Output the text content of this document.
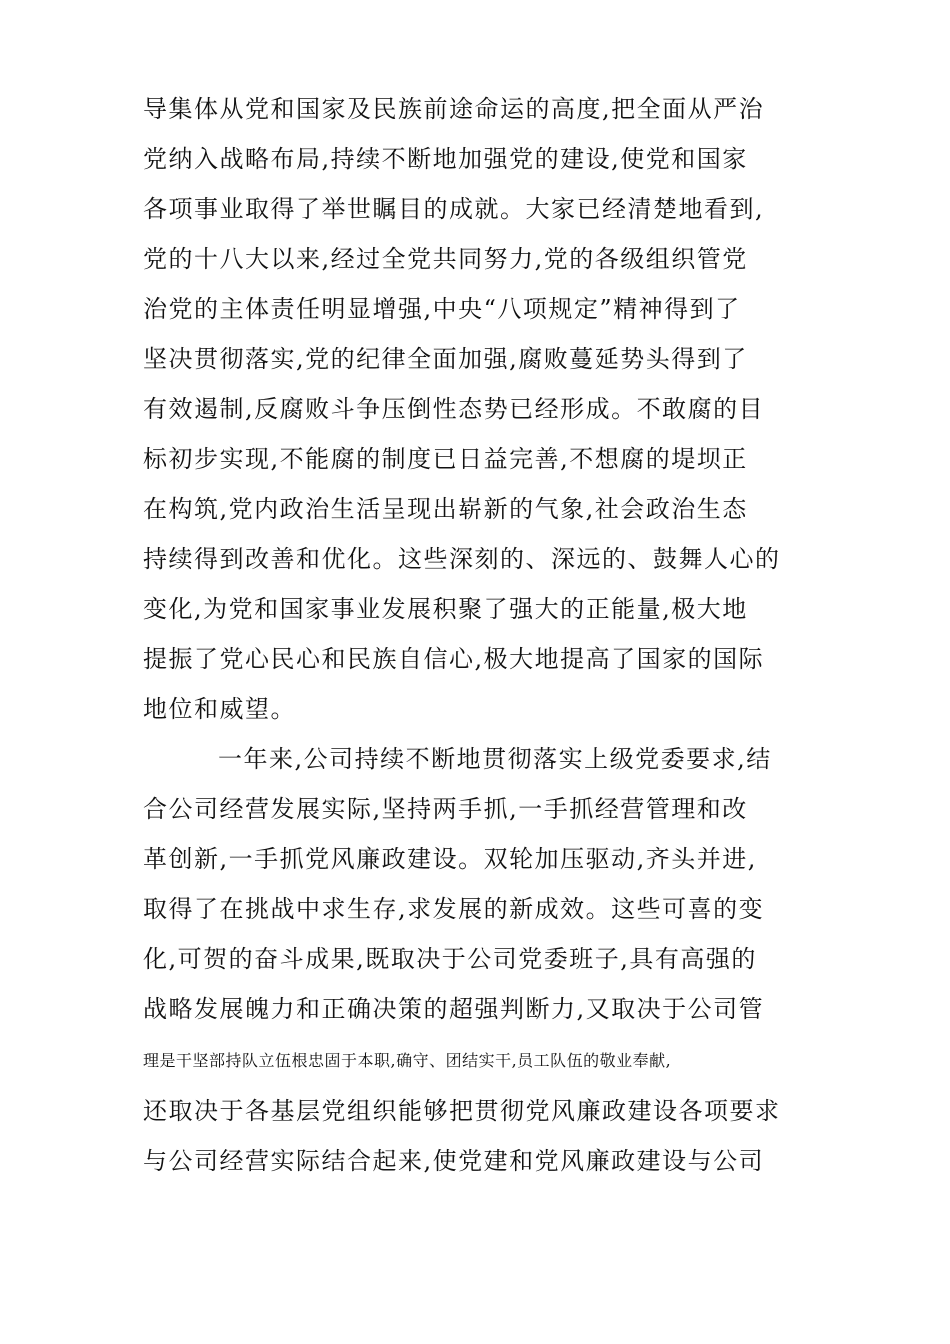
导集体从党和国家及民族前途命运的高度,把全面从严治
党纳入战略布局,持续不断地加强党的建设,使党和国家
各项事业取得了举世瞩目的成就。大家已经清楚地看到,
党的十八大以来,经过全党共同努力,党的各级组织管党
治党的主体责任明显增强,中央“八项规定”精神得到了
坚决贯彻落实,党的纪律全面加强,腐败蔓延势头得到了
有效遏制,反腐败斗争压倒性态势已经形成。不敢腐的目
标初步实现,不能腐的制度已日益完善,不想腐的堤坝正
在构筑,党内政治生活呈现出崭新的气象,社会政治生态
持续得到改善和优化。这些深刻的、深远的、鼓舞人心的
变化,为党和国家事业发展积聚了强大的正能量,极大地
提振了党心民心和民族自信心,极大地提高了国家的国际
地位和威望。
一年来,公司持续不断地贯彻落实上级党委要求,结
合公司经营发展实际,坚持两手抓,一手抓经营管理和改
革创新,一手抓党风廉政建设。双轮加压驱动,齐头并进,
取得了在挑战中求生存,求发展的新成效。这些可喜的变
化,可贺的奋斗成果,既取决于公司党委班子,具有高强的
战略发展魄力和正确决策的超强判断力,又取决于公司管
理是干坚部持队立伍根忠固于本职,确守、团结实干,员工队伍的敬业奉献,
还取决于各基层党组织能够把贯彻党风廉政建设各项要求
与公司经营实际结合起来,使党建和党风廉政建设与公司
